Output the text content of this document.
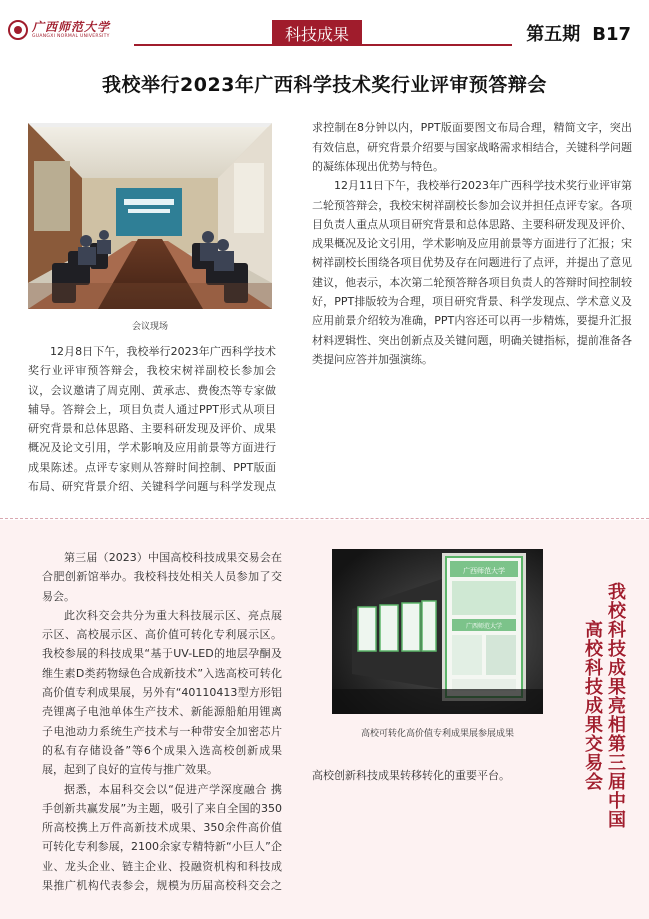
广西师范大学
GUANGXI NORMAL UNIVERSITY	科技成果	第五期 B17
我校举行2023年广西科学技术奖行业评审预答辩会
会议现场

12月8日下午，我校举行2023年广西科学技术奖行业评审预答辩会，我校宋树祥副校长参加会议，会议邀请了周克刚、黄承志、费俊杰等专家做辅导。答辩会上，项目负责人通过PPT形式从项目研究背景和总体思路、主要科研发现及评价、成果概况及论文引用，学术影响及应用前景等方面进行成果陈述。点评专家则从答辩时间控制、PPT版面布局、研究背景介绍、关键科学问题与科学发现点

求控制在8分钟以内，PPT版面要图文布局合理，精简文字，突出有效信息，研究背景介绍要与国家战略需求相结合，关键科学问题的凝练体现出优势与特色。

12月11日下午，我校举行2023年广西科学技术奖行业评审第二轮预答辩会，我校宋树祥副校长参加会议并担任点评专家。各项目负责人重点从项目研究背景和总体思路、主要科研发现及评价、成果概况及论文引用，学术影响及应用前景等方面进行了汇报；宋树祥副校长围绕各项目优势及存在问题进行了点评，并提出了意见建议，他表示，本次第二轮预答辩各项目负责人的答辩时间控制较好，PPT排版较为合理，项目研究背景、科学发现点、学术意义及应用前景介绍较为准确，PPT内容还可以再一步精炼，要提升汇报材料逻辑性、突出创新点及关键问题，明确关键指标，提前准备各类提问应答并加强演练。

第三届（2023）中国高校科技成果交易会在合肥创新馆举办。我校科技处相关人员参加了交易会。

此次科交会共分为重大科技展示区、亮点展示区、高校展示区、高价值可转化专利展示区。我校参展的科技成果“基于UV-LED的地层孕酮及维生素D类药物绿色合成新技术”入选高校可转化高价值专利成果展，另外有“40110413型方形铝壳锂离子电池单体生产技术、新能源船舶用锂离子电池动力系统生产技术与一种带安全加密芯片的私有存储设备”等6个成果入选高校创新成果展，起到了良好的宣传与推广效果。

据悉，本届科交会以“促进产学深度融合 携手创新共赢发展”为主题，吸引了来自全国的350所高校携上万件高新技术成果、350余件高价值可转化专利参展，2100余家专精特新“小巨人”企业、龙头企业、链主企业、投融资机构和科技成果推广机构代表参会，规模为历届高校科交会之

广西师范大学
广西师范大学
高校可转化高价值专利成果展参展成果

高校创新科技成果转移转化的重要平台。	我校科技成果亮相第三届中国
高校科技成果交易会
